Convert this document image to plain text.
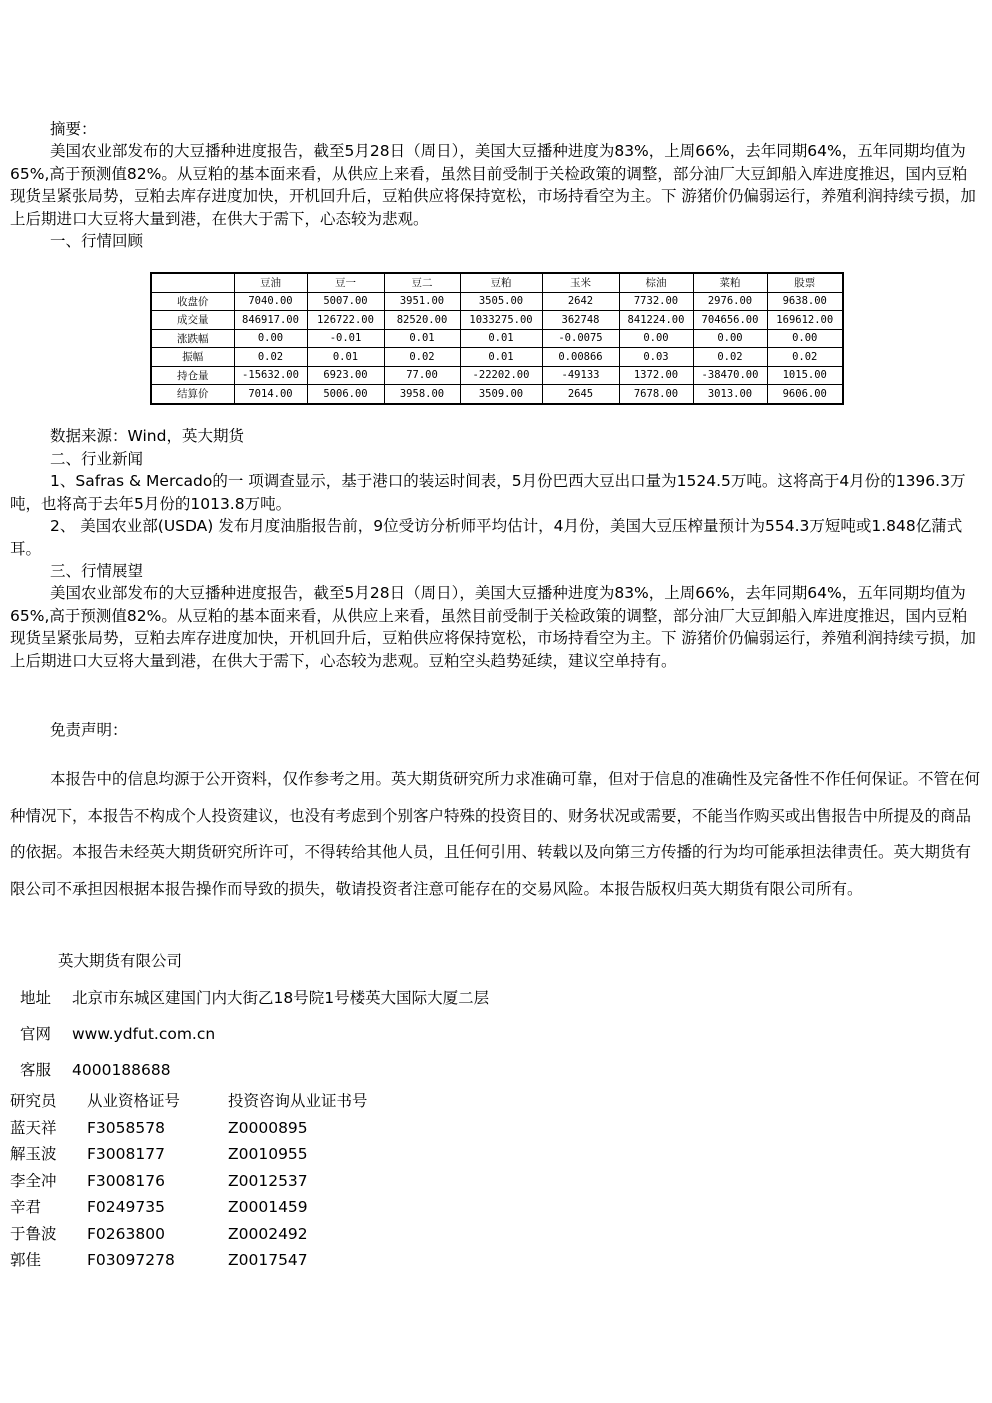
摘要：

美国农业部发布的大豆播种进度报告，截至5月28日（周日），美国大豆播种进度为83%，上周66%，去年同期64%，五年同期均值为65%,高于预测值82%。从豆粕的基本面来看，从供应上来看，虽然目前受制于关检政策的调整，部分油厂大豆卸船入库进度推迟，国内豆粕现货呈紧张局势，豆粕去库存进度加快，开机回升后，豆粕供应将保持宽松，市场持看空为主。下 游猪价仍偏弱运行，养殖利润持续亏损，加上后期进口大豆将大量到港，在供大于需下，心态较为悲观。

一、行情回顾
	豆油	豆一	豆二	豆粕	玉米	棕油	菜粕	股票
收盘价	7040.00	5007.00	3951.00	3505.00	2642	7732.00	2976.00	9638.00
成交量	846917.00	126722.00	82520.00	1033275.00	362748	841224.00	704656.00	169612.00
涨跌幅	0.00	-0.01	0.01	0.01	-0.0075	0.00	0.00	0.00
振幅	0.02	0.01	0.02	0.01	0.00866	0.03	0.02	0.02
持仓量	-15632.00	6923.00	77.00	-22202.00	-49133	1372.00	-38470.00	1015.00
结算价	7014.00	5006.00	3958.00	3509.00	2645	7678.00	3013.00	9606.00
数据来源：Wind，英大期货
二、行业新闻

1、Safras & Mercado的一 项调查显示，基于港口的装运时间表，5月份巴西大豆出口量为1524.5万吨。这将高于4月份的1396.3万吨，也将高于去年5月份的1013.8万吨。

2、 美国农业部(USDA) 发布月度油脂报告前，9位受访分析师平均估计，4月份，美国大豆压榨量预计为554.3万短吨或1.848亿蒲式耳。

三、行情展望

美国农业部发布的大豆播种进度报告，截至5月28日（周日），美国大豆播种进度为83%，上周66%，去年同期64%，五年同期均值为65%,高于预测值82%。从豆粕的基本面来看，从供应上来看，虽然目前受制于关检政策的调整，部分油厂大豆卸船入库进度推迟，国内豆粕现货呈紧张局势，豆粕去库存进度加快，开机回升后，豆粕供应将保持宽松，市场持看空为主。下 游猪价仍偏弱运行，养殖利润持续亏损，加上后期进口大豆将大量到港，在供大于需下，心态较为悲观。豆粕空头趋势延续，建议空单持有。

免责声明：
本报告中的信息均源于公开资料，仅作参考之用。英大期货研究所力求准确可靠，但对于信息的准确性及完备性不作任何保证。不管在何种情况下，本报告不构成个人投资建议，也没有考虑到个别客户特殊的投资目的、财务状况或需要，不能当作购买或出售报告中所提及的商品的依据。本报告未经英大期货研究所许可，不得转给其他人员，且任何引用、转载以及向第三方传播的行为均可能承担法律责任。英大期货有限公司不承担因根据本报告操作而导致的损失，敬请投资者注意可能存在的交易风险。本报告版权归英大期货有限公司所有。
英大期货有限公司
地址 北京市东城区建国门内大街乙18号院1号楼英大国际大厦二层
官网 www.ydfut.com.cn
客服 4000188688
研究员	从业资格证号	投资咨询从业证书号
蓝天祥	F3058578	Z0000895
解玉波	F3008177	Z0010955
李全冲	F3008176	Z0012537
辛君	F0249735	Z0001459
于鲁波	F0263800	Z0002492
郭佳	F03097278	Z0017547
